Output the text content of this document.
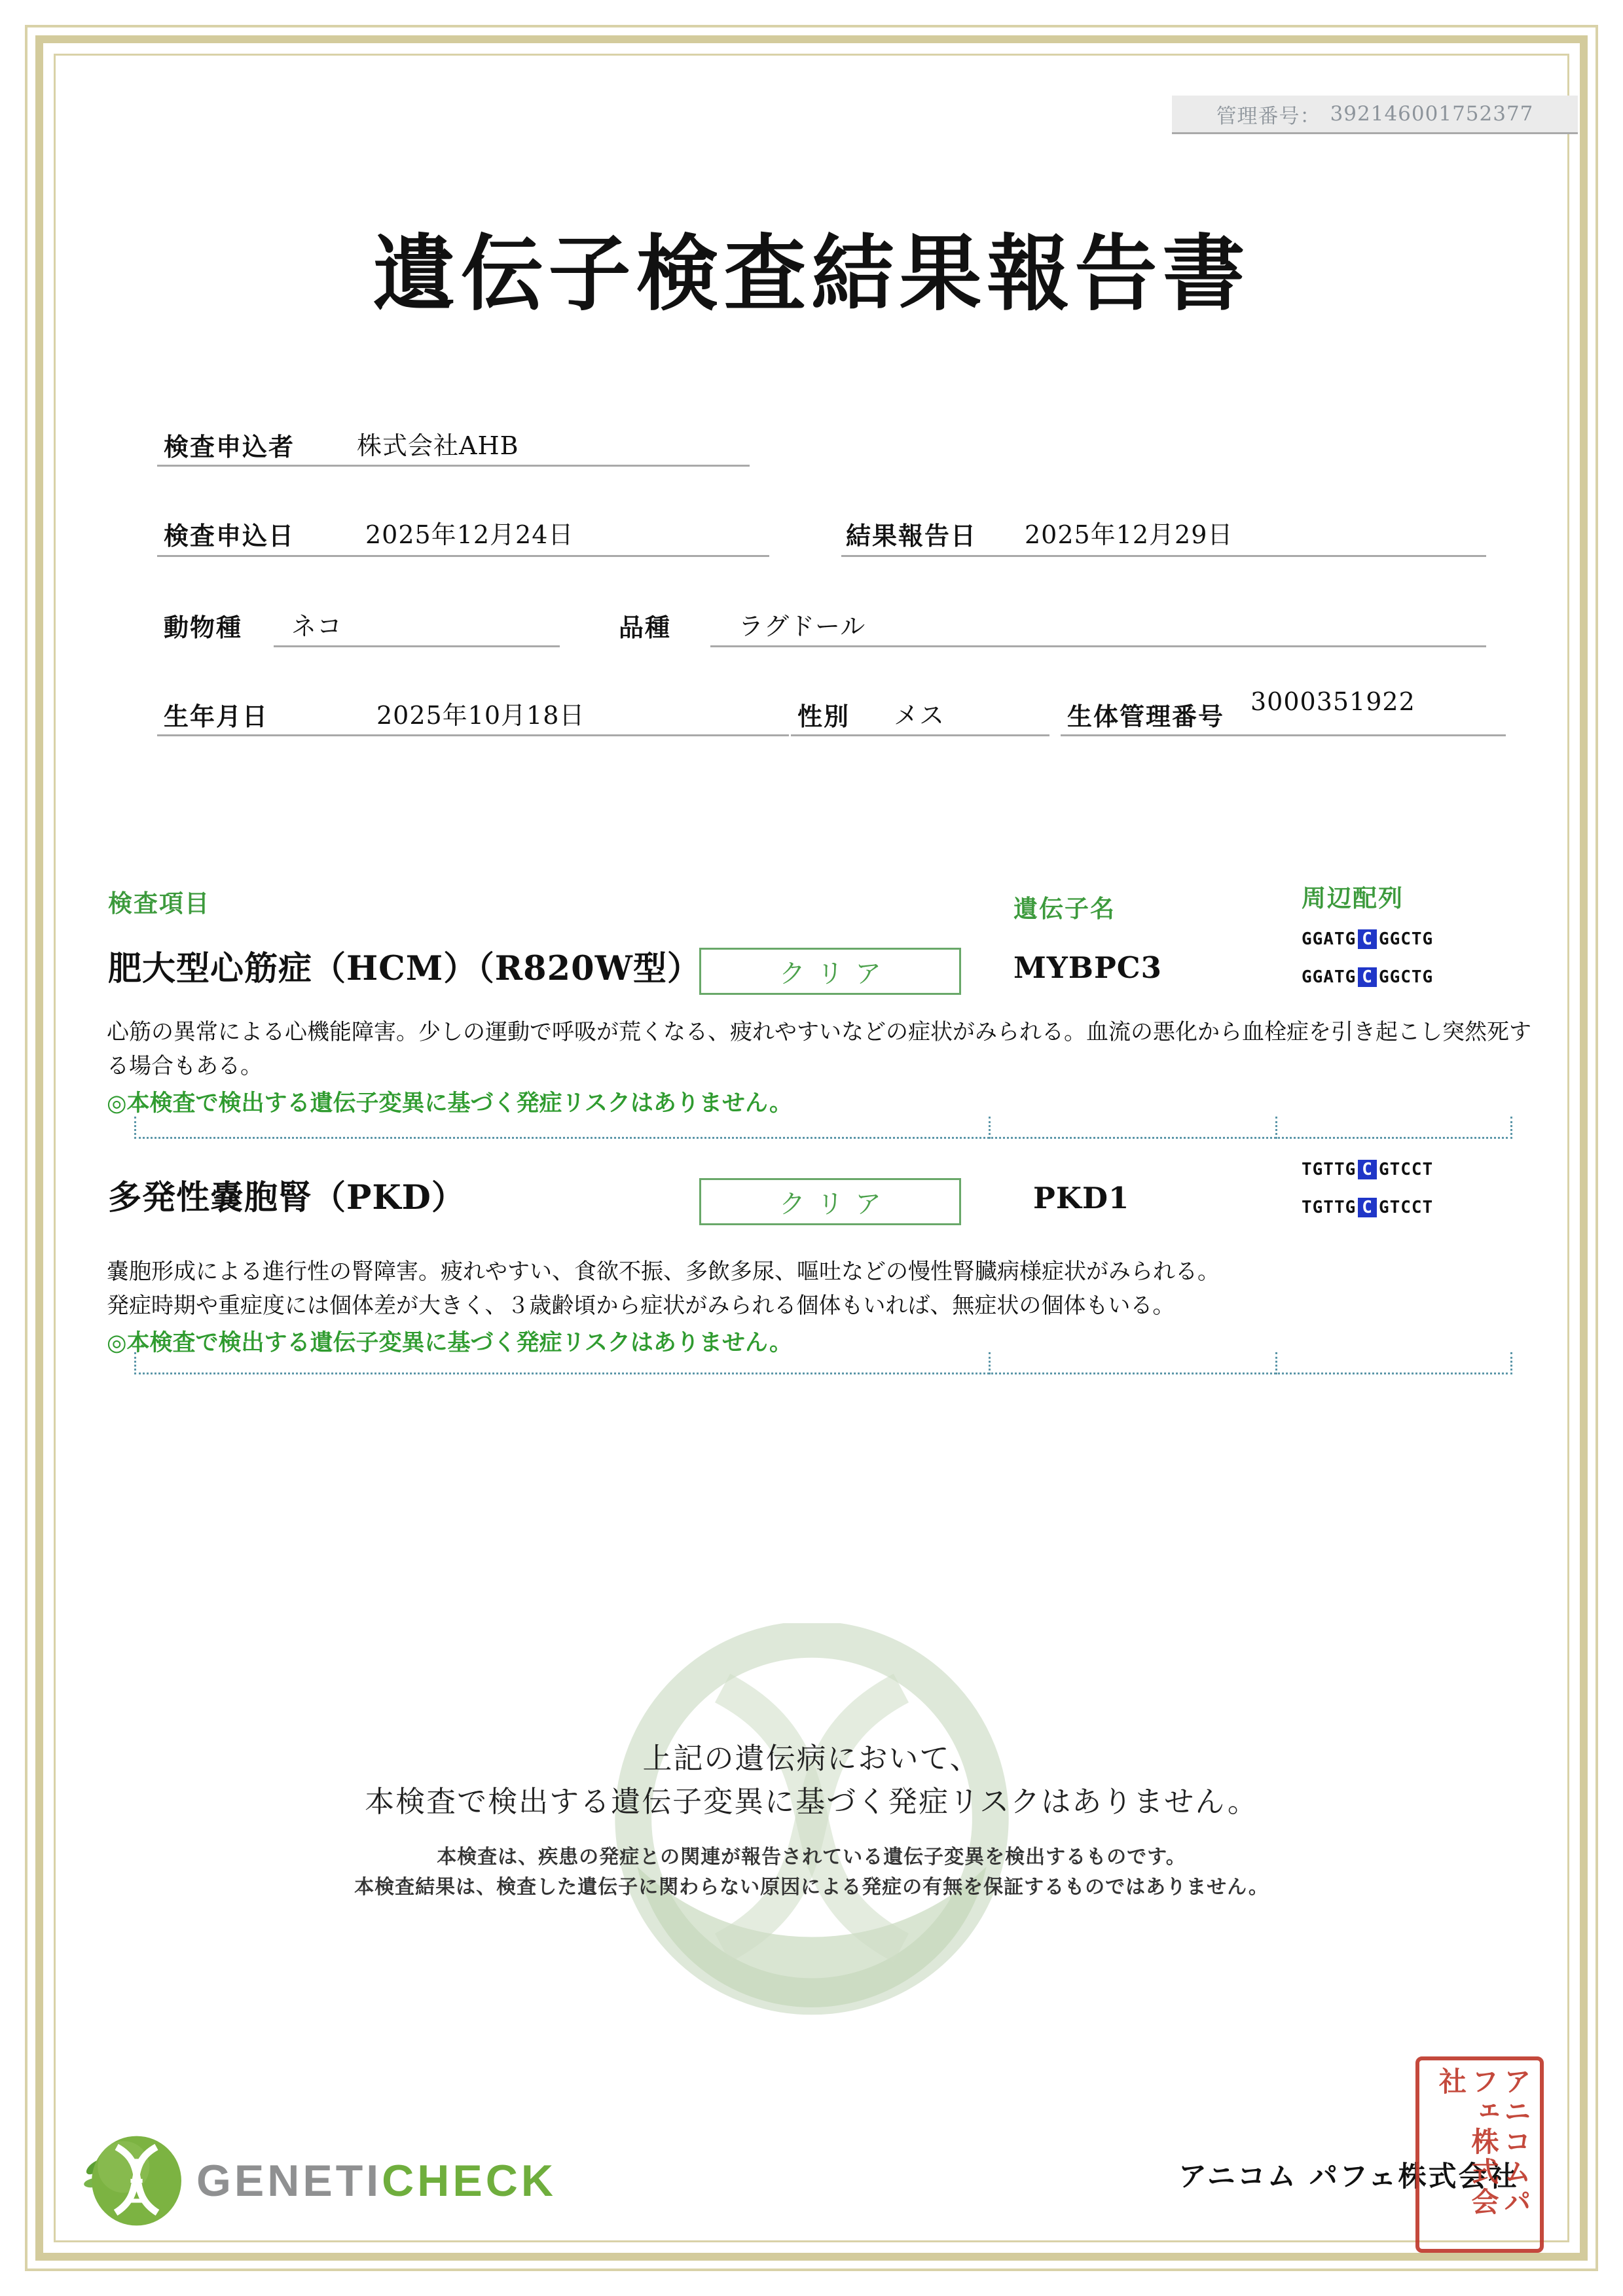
管理番号： 392146001752377
遺伝子検査結果報告書
検査申込者 株式会社AHB
検査申込日	2025年12月24日	結果報告日 2025年12月29日
動物種 ネコ	品種	ラグドール
生年月日	2025年10月18日	性別 メス	生体管理番号 3000351922
検査項目	遺伝子名	周辺配列
肥大型心筋症（HCM）（R820W型）	クリア	MYBPC3
GGATG C GGCTG
GGATG C GGCTG

心筋の異常による心機能障害。少しの運動で呼吸が荒くなる、疲れやすいなどの症状がみられる。血流の悪化から血栓症を引き起こし突然死する場合もある。

◎本検査で検出する遺伝子変異に基づく発症リスクはありません。

多発性嚢胞腎（PKD）	クリア	PKD1
TGTTG C GTCCT
TGTTG C GTCCT

嚢胞形成による進行性の腎障害。疲れやすい、食欲不振、多飲多尿、嘔吐などの慢性腎臓病様症状がみられる。

発症時期や重症度には個体差が大きく、３歳齢頃から症状がみられる個体もいれば、無症状の個体もいる。

◎本検査で検出する遺伝子変異に基づく発症リスクはありません。

上記の遺伝病において、
本検査で検出する遺伝子変異に基づく発症リスクはありません。
本検査は、疾患の発症との関連が報告されている遺伝子変異を検出するものです。
本検査結果は、検査した遺伝子に関わらない原因による発症の有無を保証するものではありません。
GENETICHECK	アニコム パフェ株式会社
アニコムパフェ株式会社
